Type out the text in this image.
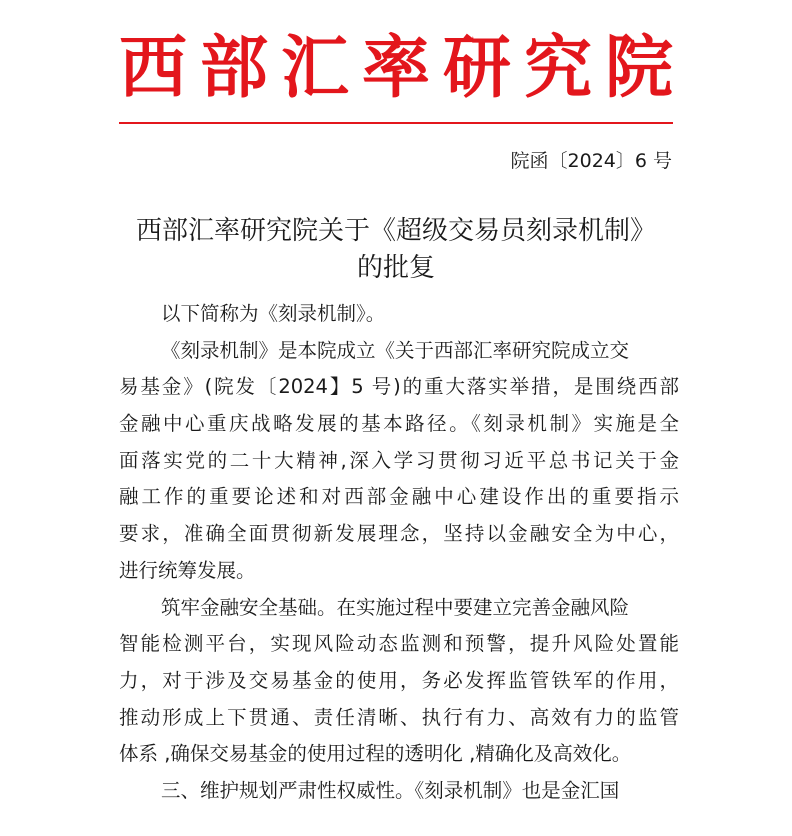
西 部 汇 率 研 究 院
院函〔2024〕6 号
西部汇率研究院关于《超级交易员刻录机制》
的批复

以下简称为《刻录机制》。

《刻录机制》是本院成立《关于西部汇率研究院成立交
易基金》(院发〔2024】5 号)的重大落实举措，是围绕西部
金融中心重庆战略发展的基本路径。《刻录机制》实施是全
面落实党的二十大精神,深入学习贯彻习近平总书记关于金
融工作的重要论述和对西部金融中心建设作出的重要指示
要求，准确全面贯彻新发展理念，坚持以金融安全为中心，
进行统筹发展。

筑牢金融安全基础。在实施过程中要建立完善金融风险
智能检测平台，实现风险动态监测和预警，提升风险处置能
力，对于涉及交易基金的使用，务必发挥监管铁军的作用，
推动形成上下贯通、责任清晰、执行有力、高效有力的监管
体系 ,确保交易基金的使用过程的透明化 ,精确化及高效化。

三、维护规划严肃性权威性。《刻录机制》也是金汇国
